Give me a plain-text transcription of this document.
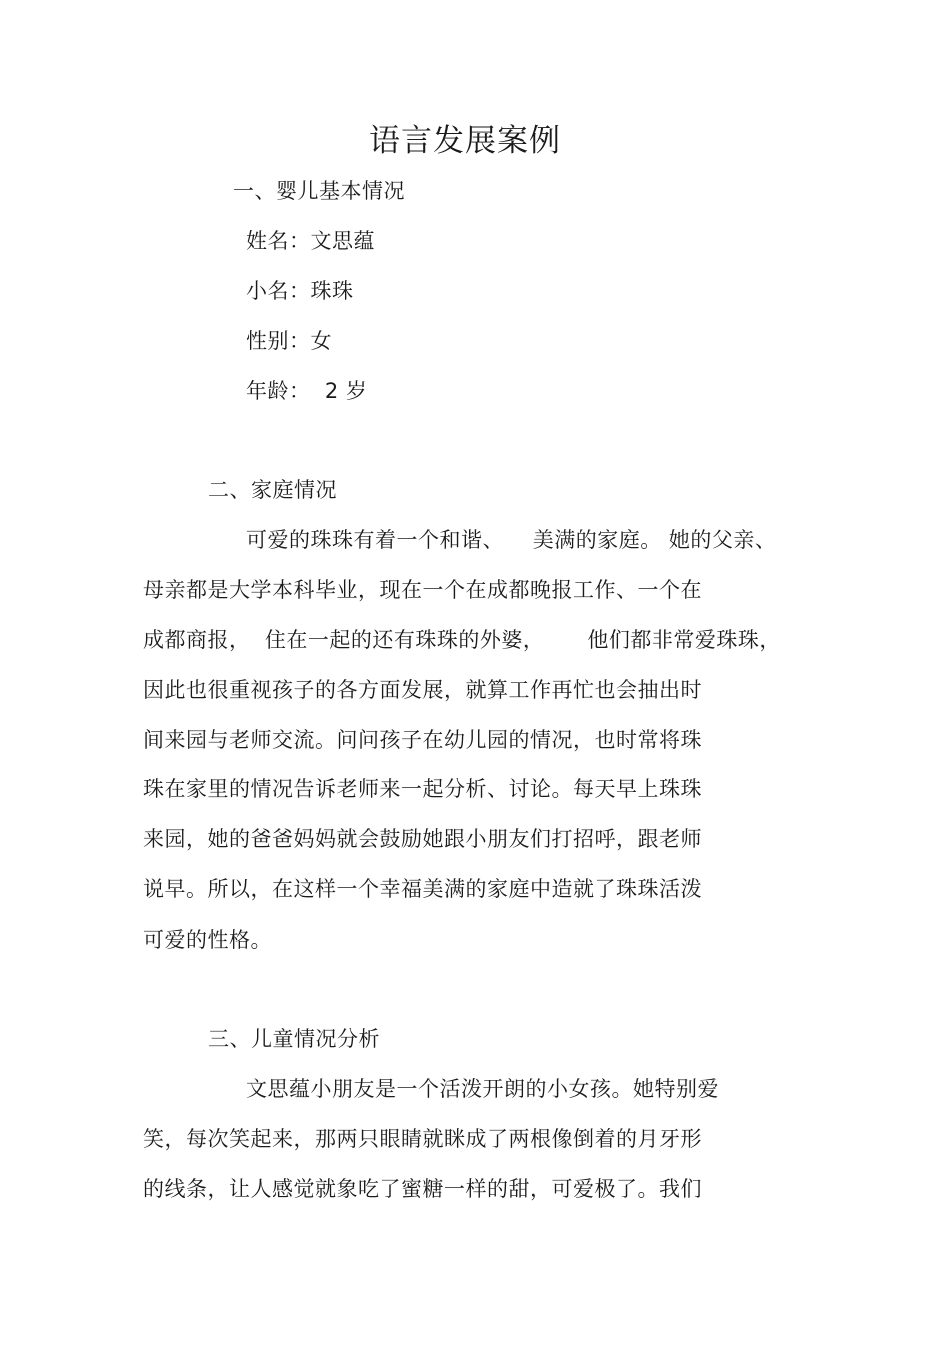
语言发展案例
一、婴儿基本情况
姓名：文思蕴
小名：珠珠
性别：女
年龄：  2 岁
二、家庭情况
可爱的珠珠有着一个和谐、    美满的家庭。 她的父亲、
母亲都是大学本科毕业，现在一个在成都晚报工作、一个在
成都商报，  住在一起的还有珠珠的外婆，      他们都非常爱珠珠，
因此也很重视孩子的各方面发展，就算工作再忙也会抽出时
间来园与老师交流。问问孩子在幼儿园的情况，也时常将珠
珠在家里的情况告诉老师来一起分析、讨论。每天早上珠珠
来园，她的爸爸妈妈就会鼓励她跟小朋友们打招呼，跟老师
说早。所以，在这样一个幸福美满的家庭中造就了珠珠活泼
可爱的性格。
三、儿童情况分析
文思蕴小朋友是一个活泼开朗的小女孩。她特别爱
笑，每次笑起来，那两只眼睛就眯成了两根像倒着的月牙形
的线条，让人感觉就象吃了蜜糖一样的甜，可爱极了。我们
